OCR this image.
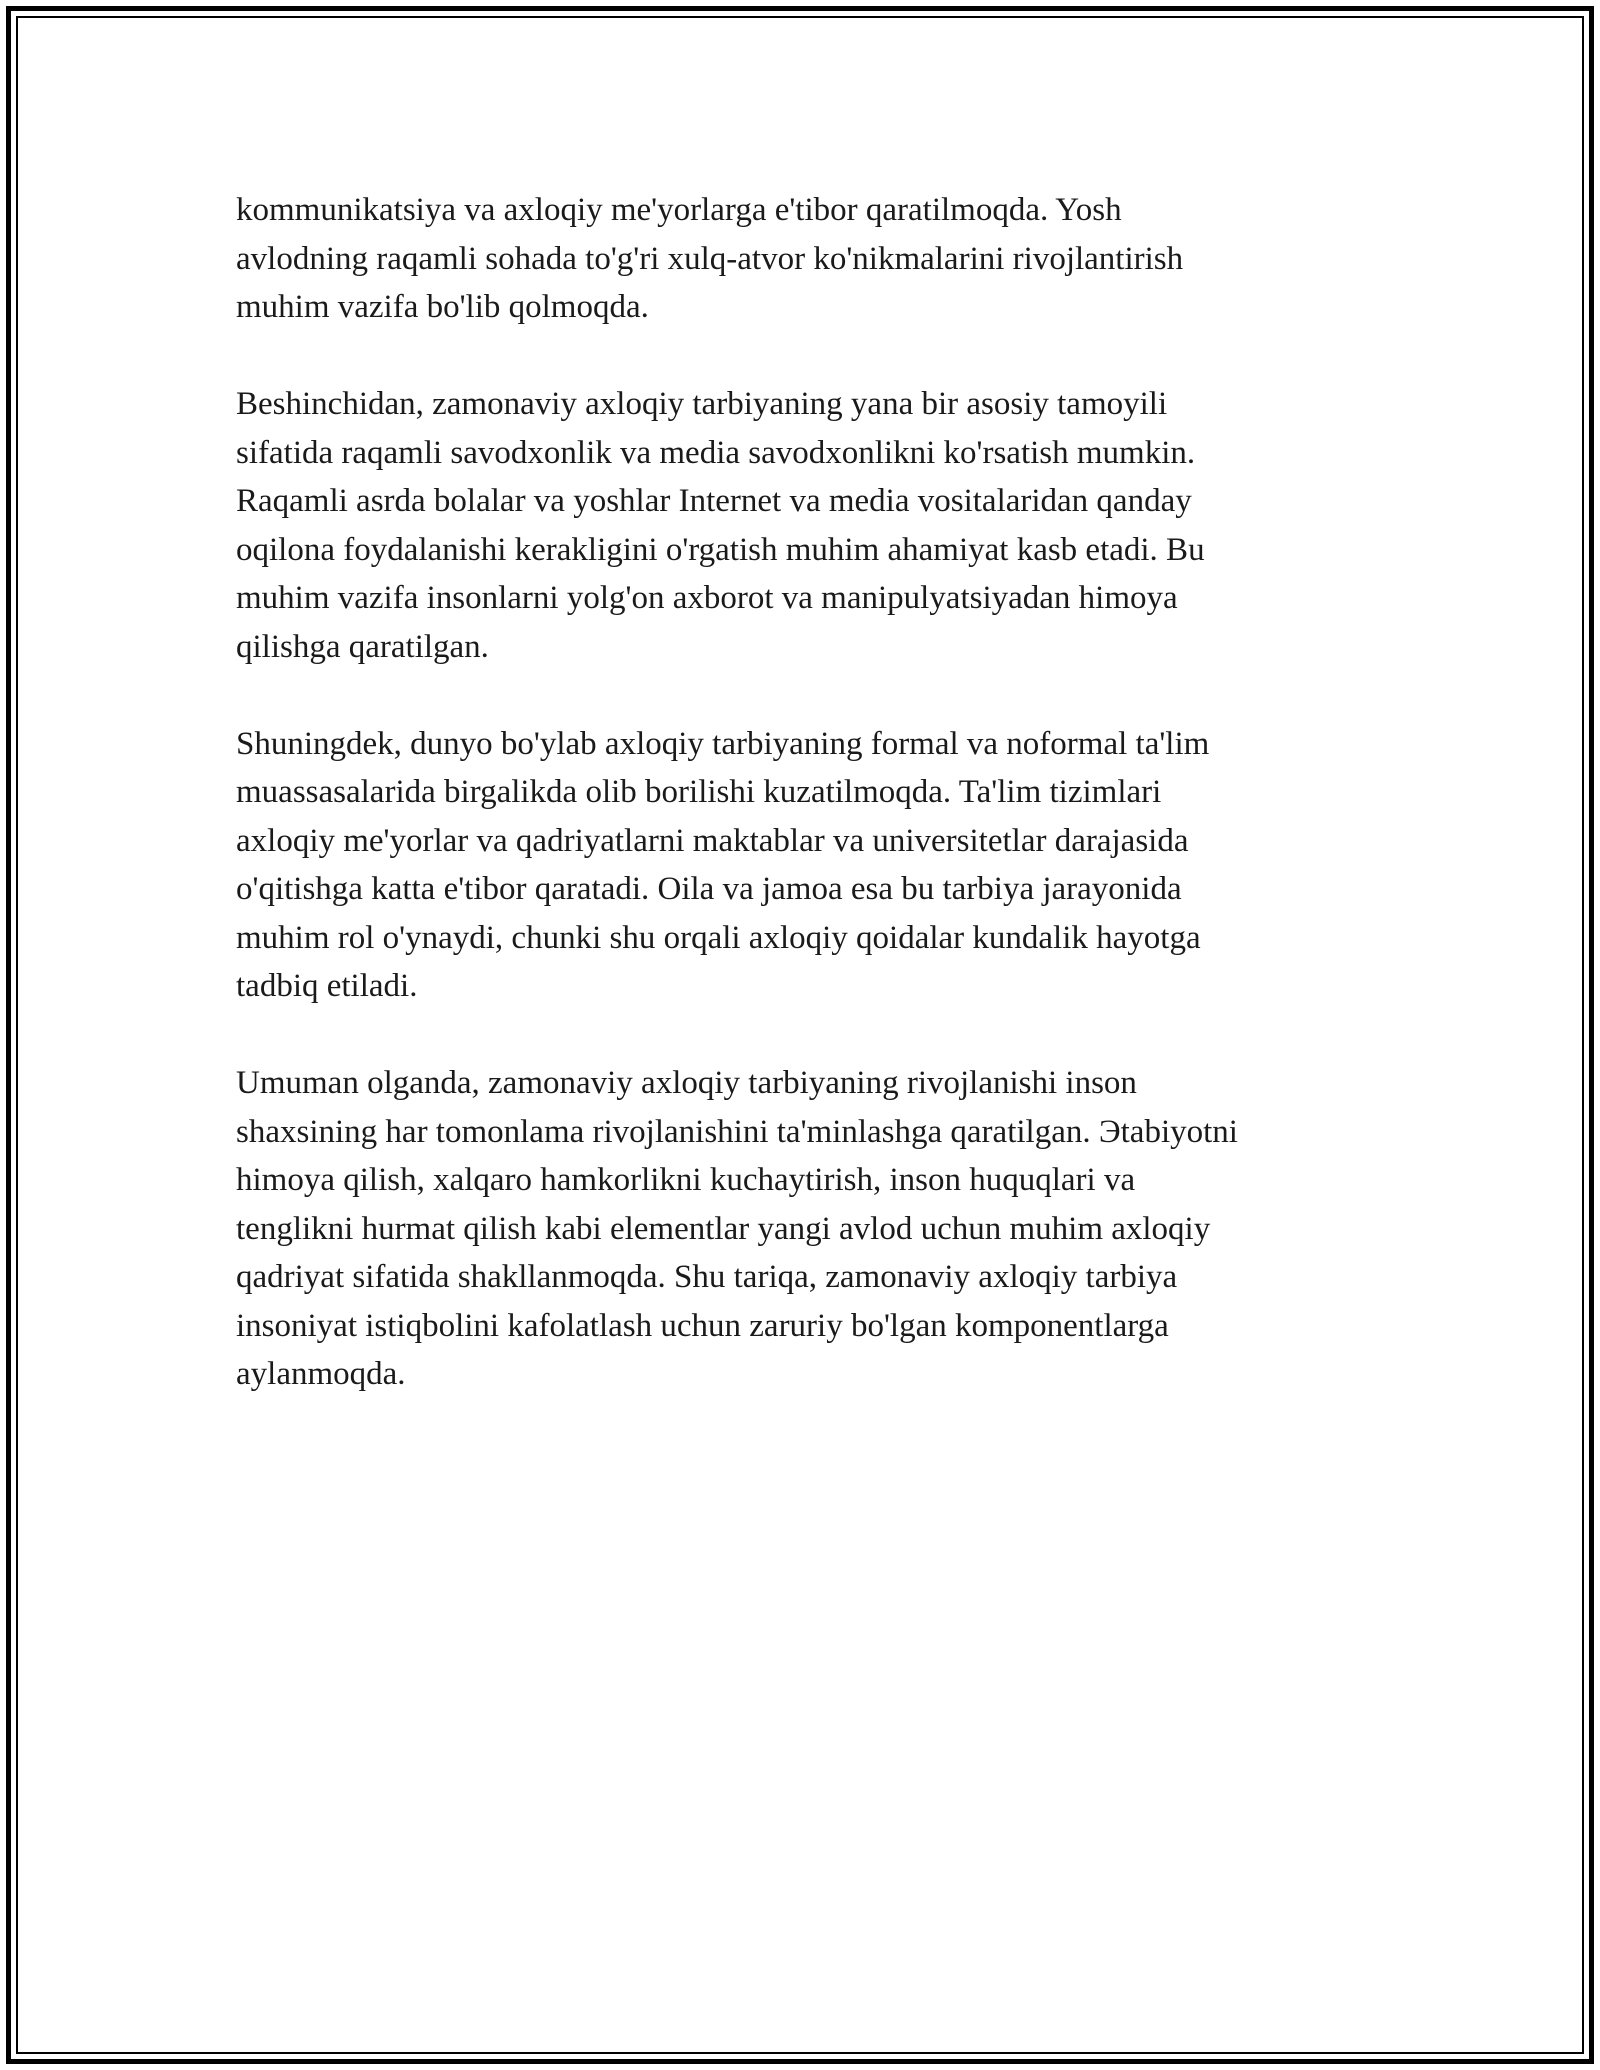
kommunikatsiya va axloqiy me'yorlarga e'tibor qaratilmoqda. Yosh
avlodning raqamli sohada to'g'ri xulq-atvor ko'nikmalarini rivojlantirish
muhim vazifa bo'lib qolmoqda.

Beshinchidan, zamonaviy axloqiy tarbiyaning yana bir asosiy tamoyili
sifatida raqamli savodxonlik va media savodxonlikni ko'rsatish mumkin.
Raqamli asrda bolalar va yoshlar Internet va media vositalaridan qanday
oqilona foydalanishi kerakligini o'rgatish muhim ahamiyat kasb etadi. Bu
muhim vazifa insonlarni yolg'on axborot va manipulyatsiyadan himoya
qilishga qaratilgan.

Shuningdek, dunyo bo'ylab axloqiy tarbiyaning formal va noformal ta'lim
muassasalarida birgalikda olib borilishi kuzatilmoqda. Ta'lim tizimlari
axloqiy me'yorlar va qadriyatlarni maktablar va universitetlar darajasida
o'qitishga katta e'tibor qaratadi. Oila va jamoa esa bu tarbiya jarayonida
muhim rol o'ynaydi, chunki shu orqali axloqiy qoidalar kundalik hayotga
tadbiq etiladi.

Umuman olganda, zamonaviy axloqiy tarbiyaning rivojlanishi inson
shaxsining har tomonlama rivojlanishini ta'minlashga qaratilgan. Эtabiyotni
himoya qilish, xalqaro hamkorlikni kuchaytirish, inson huquqlari va
tenglikni hurmat qilish kabi elementlar yangi avlod uchun muhim axloqiy
qadriyat sifatida shakllanmoqda. Shu tariqa, zamonaviy axloqiy tarbiya
insoniyat istiqbolini kafolatlash uchun zaruriy bo'lgan komponentlarga
aylanmoqda.
